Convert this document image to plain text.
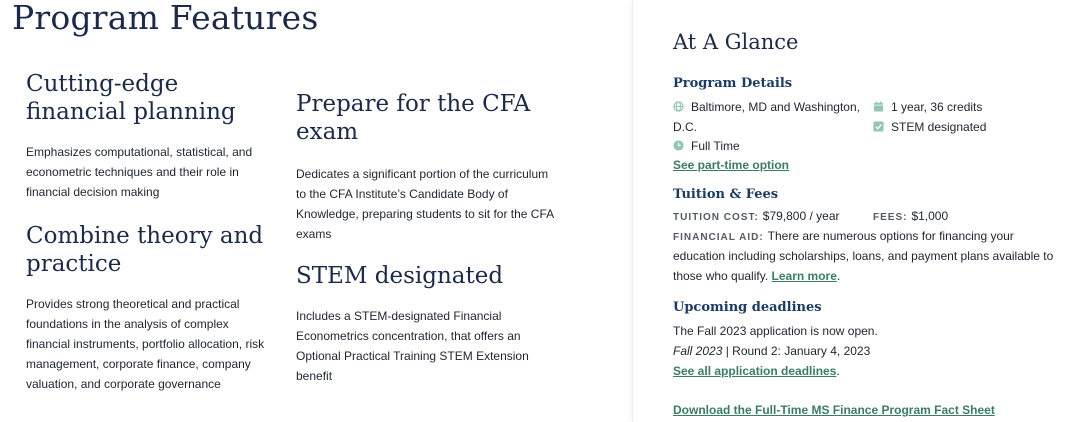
Program Features
Cutting-edge financial planning

Emphasizes computational, statistical, and econometric techniques and their role in financial decision making

Combine theory and practice

Provides strong theoretical and practical foundations in the analysis of complex financial instruments, portfolio allocation, risk management, corporate finance, company valuation, and corporate governance

Prepare for the CFA exam

Dedicates a significant portion of the curriculum to the CFA Institute’s Candidate Body of Knowledge, preparing students to sit for the CFA exams

STEM designated

Includes a STEM-designated Financial Econometrics concentration, that offers an Optional Practical Training STEM Extension benefit

At A Glance
Program Details
Baltimore, MD and Washington,
D.C.
Full Time
1 year, 36 credits
STEM designated
See part-time option
Tuition & Fees
TUITION COST: $79,800 / year	FEES: $1,000
FINANCIAL AID: There are numerous options for financing your
education including scholarships, loans, and payment plans available to
those who qualify. Learn more.
Upcoming deadlines
The Fall 2023 application is now open.
Fall 2023 | Round 2: January 4, 2023
See all application deadlines.
Download the Full-Time MS Finance Program Fact Sheet
